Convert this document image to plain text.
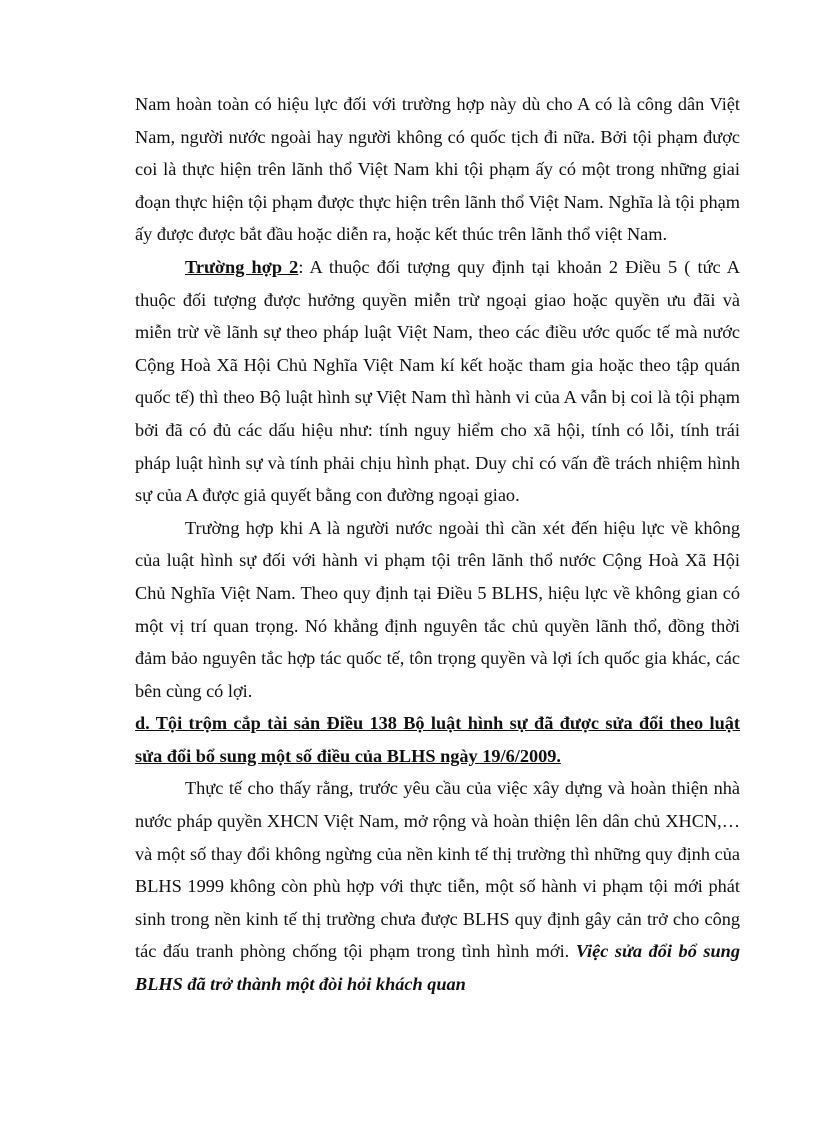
Nam hoàn toàn có hiệu lực đối với trường hợp này dù cho A có là công dân Việt Nam, người nước ngoài hay người không có quốc tịch đi nữa. Bởi tội phạm được coi là thực hiện trên lãnh thổ Việt Nam khi tội phạm ấy có một trong những giai đoạn thực hiện tội phạm được thực hiện trên lãnh thổ Việt Nam. Nghĩa là tội phạm ấy được được bắt đầu hoặc diễn ra, hoặc kết thúc trên lãnh thổ việt Nam.

Trường hợp 2: A thuộc đối tượng quy định tại khoản 2 Điều 5 ( tức A thuộc đối tượng được hưởng quyền miễn trừ ngoại giao hoặc quyền ưu đãi và miễn trừ về lãnh sự theo pháp luật Việt Nam, theo các điều ước quốc tế mà nước Cộng Hoà Xã Hội Chủ Nghĩa Việt Nam kí kết hoặc tham gia hoặc theo tập quán quốc tế) thì theo Bộ luật hình sự Việt Nam thì hành vi của A vẫn bị coi là tội phạm bởi đã có đủ các dấu hiệu như: tính nguy hiểm cho xã hội, tính có lỗi, tính trái pháp luật hình sự và tính phải chịu hình phạt. Duy chỉ có vấn đề trách nhiệm hình sự của A được giả quyết bằng con đường ngoại giao.

Trường hợp khi A là người nước ngoài thì cần xét đến hiệu lực về không của luật hình sự đối với hành vi phạm tội trên lãnh thổ nước Cộng Hoà Xã Hội Chủ Nghĩa Việt Nam. Theo quy định tại Điều 5 BLHS, hiệu lực về không gian có một vị trí quan trọng. Nó khẳng định nguyên tắc chủ quyền lãnh thổ, đồng thời đảm bảo nguyên tắc hợp tác quốc tế, tôn trọng quyền và lợi ích quốc gia khác, các bên cùng có lợi.

d. Tội trộm cắp tài sản Điều 138 Bộ luật hình sự đã được sửa đổi theo luật sửa đổi bổ sung một số điều của BLHS ngày 19/6/2009.

Thực tế cho thấy rằng, trước yêu cầu của việc xây dựng và hoàn thiện nhà nước pháp quyền XHCN Việt Nam, mở rộng và hoàn thiện lên dân chủ XHCN,… và một số thay đổi không ngừng của nền kinh tế thị trường thì những quy định của BLHS 1999 không còn phù hợp với thực tiễn, một số hành vi phạm tội mới phát sinh trong nền kinh tế thị trường chưa được BLHS quy định gây cản trở cho công tác đấu tranh phòng chống tội phạm trong tình hình mới. Việc sửa đổi bổ sung BLHS đã trở thành một đòi hỏi khách quan
